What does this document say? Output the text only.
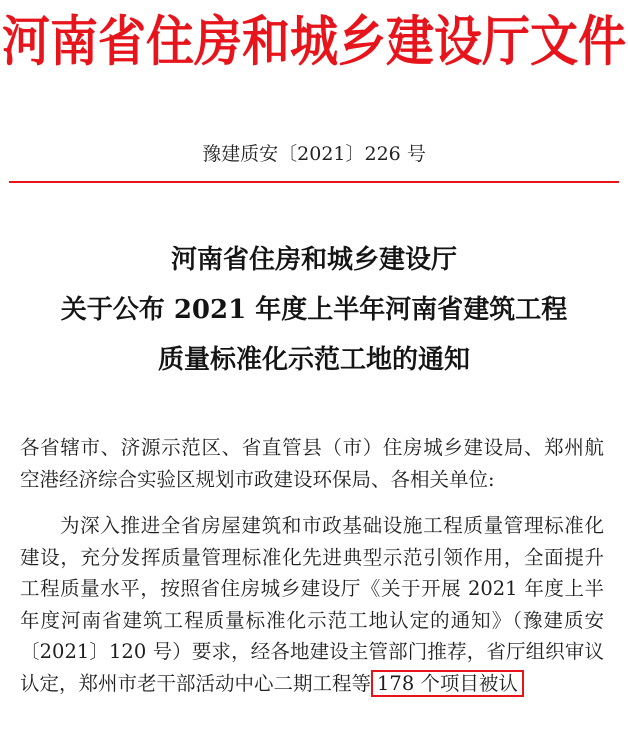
河南省住房和城乡建设厅文件
豫建质安〔2021〕226 号
河南省住房和城乡建设厅
关于公布 2021 年度上半年河南省建筑工程
质量标准化示范工地的通知
各省辖市、济源示范区、省直管县（市）住房城乡建设局、郑州航空港经济综合实验区规划市政建设环保局、各相关单位:
为深入推进全省房屋建筑和市政基础设施工程质量管理标准化建设，充分发挥质量管理标准化先进典型示范引领作用，全面提升工程质量水平，按照省住房城乡建设厅《关于开展 2021 年度上半年度河南省建筑工程质量标准化示范工地认定的通知》（豫建质安〔2021〕120 号）要求，经各地建设主管部门推荐，省厅组织审议认定，郑州市老干部活动中心二期工程等 178 个项目被认
